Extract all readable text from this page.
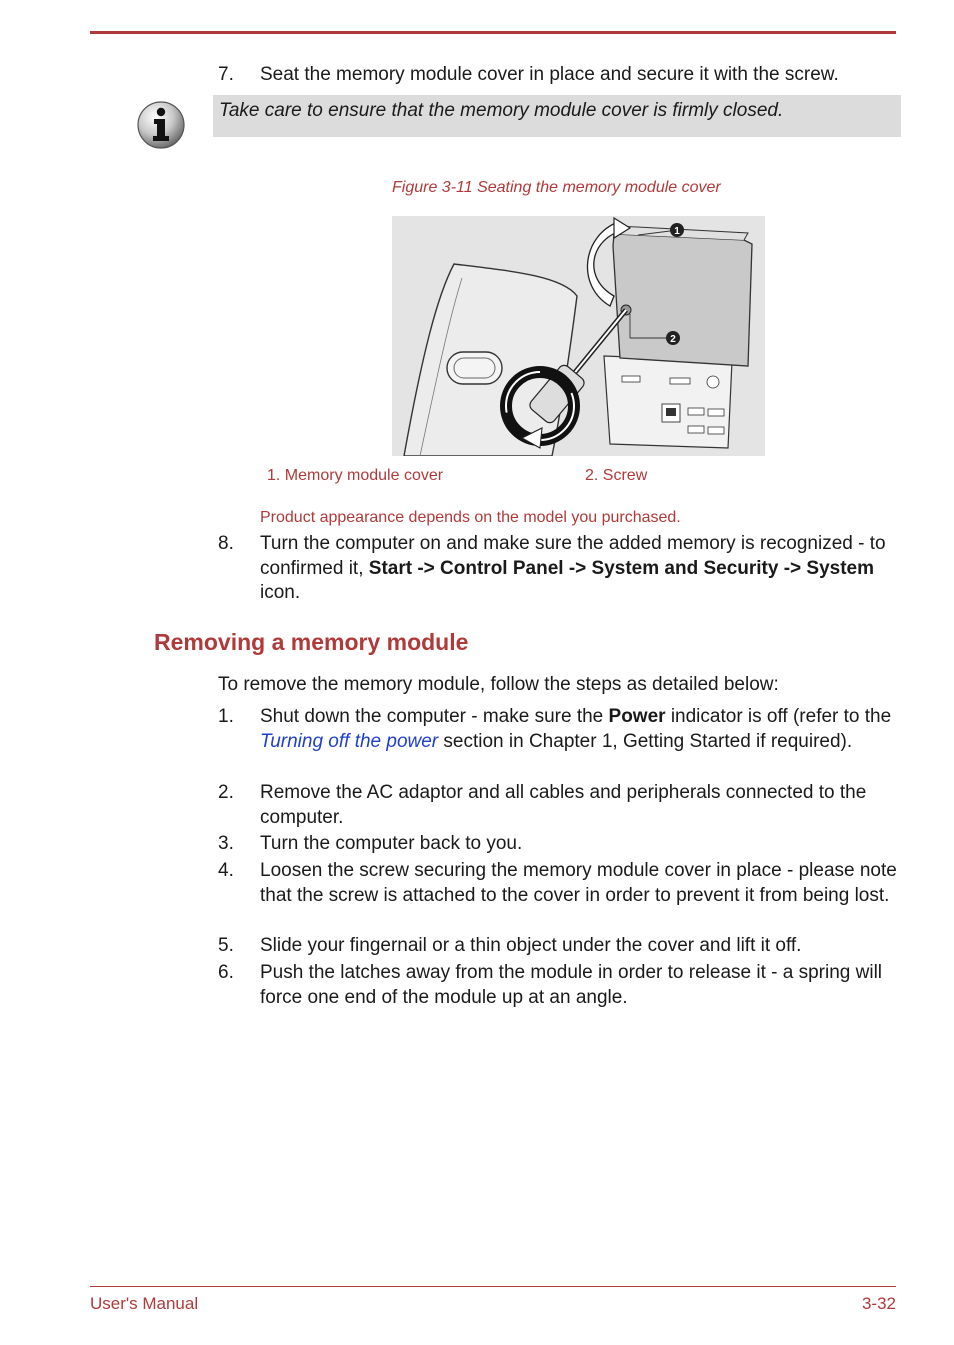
7. Seat the memory module cover in place and secure it with the screw.
Take care to ensure that the memory module cover is firmly closed.
Figure 3-11 Seating the memory module cover
1
2
1. Memory module cover	2. Screw
Product appearance depends on the model you purchased.
8. Turn the computer on and make sure the added memory is recognized - to confirmed it, Start -> Control Panel -> System and Security -> System icon.
Removing a memory module
To remove the memory module, follow the steps as detailed below:
1. Shut down the computer - make sure the Power indicator is off (refer to the Turning off the power section in Chapter 1, Getting Started if required).
2. Remove the AC adaptor and all cables and peripherals connected to the computer.
3. Turn the computer back to you.
4. Loosen the screw securing the memory module cover in place - please note that the screw is attached to the cover in order to prevent it from being lost.
5. Slide your fingernail or a thin object under the cover and lift it off.
6. Push the latches away from the module in order to release it - a spring will force one end of the module up at an angle.
User's Manual	3-32
